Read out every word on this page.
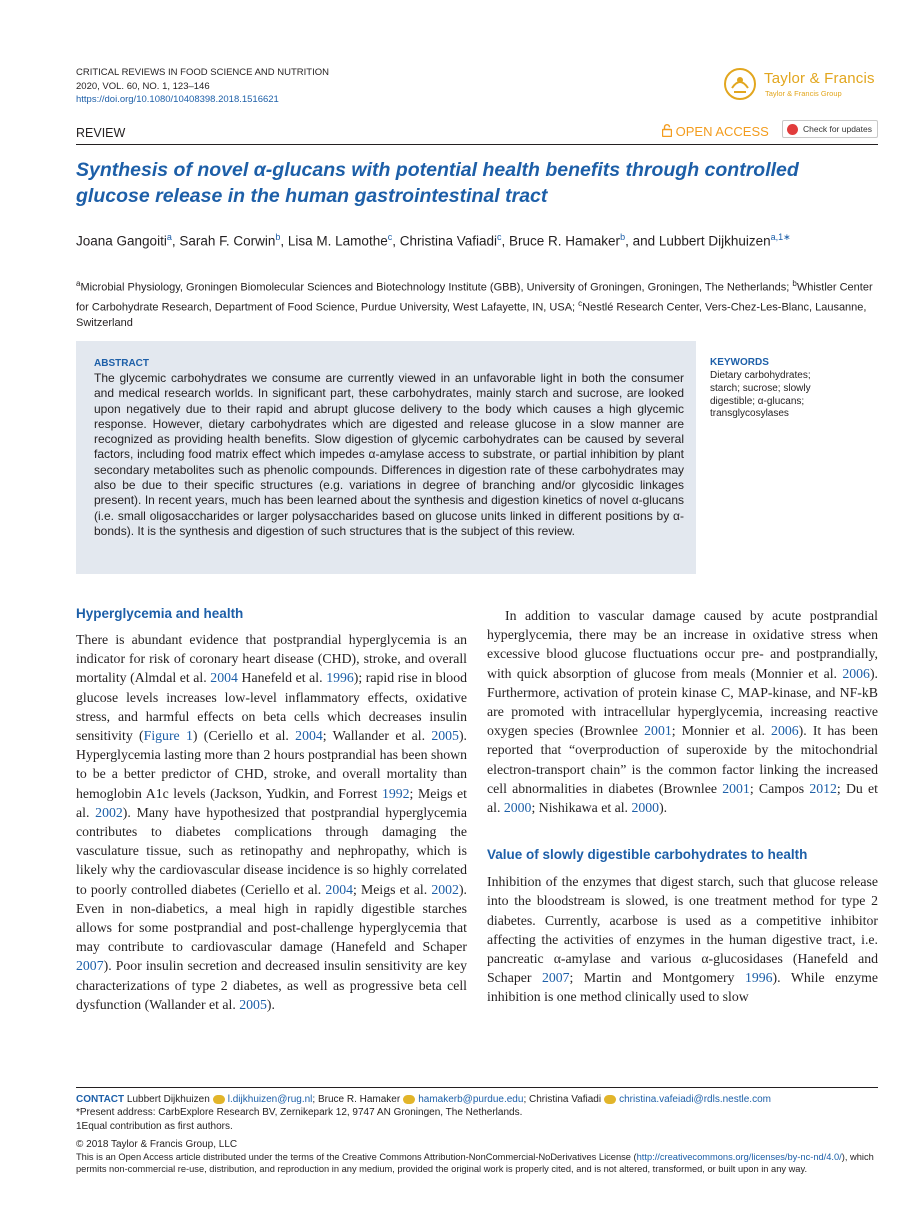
CRITICAL REVIEWS IN FOOD SCIENCE AND NUTRITION
2020, VOL. 60, NO. 1, 123–146
https://doi.org/10.1080/10408398.2018.1516621
Taylor & Francis
Taylor & Francis Group
REVIEW	OPEN ACCESS	Check for updates
Synthesis of novel α-glucans with potential health benefits through controlled glucose release in the human gastrointestinal tract
Joana Gangoiti$^a$, Sarah F. Corwin$^b$, Lisa M. Lamothe$^c$, Christina Vafiadi$^c$, Bruce R. Hamaker$^b$, and Lubbert Dijkhuizen$^{a,1∗}$
$^a$Microbial Physiology, Groningen Biomolecular Sciences and Biotechnology Institute (GBB), University of Groningen, Groningen, The Netherlands; $^b$Whistler Center for Carbohydrate Research, Department of Food Science, Purdue University, West Lafayette, IN, USA; $^c$Nestlé Research Center, Vers-Chez-Les-Blanc, Lausanne, Switzerland
ABSTRACT
The glycemic carbohydrates we consume are currently viewed in an unfavorable light in both the consumer and medical research worlds. In significant part, these carbohydrates, mainly starch and sucrose, are looked upon negatively due to their rapid and abrupt glucose delivery to the body which causes a high glycemic response. However, dietary carbohydrates which are digested and release glucose in a slow manner are recognized as providing health benefits. Slow digestion of glycemic carbohydrates can be caused by several factors, including food matrix effect which impedes α-amylase access to substrate, or partial inhibition by plant secondary metabolites such as phenolic compounds. Differences in digestion rate of these carbohydrates may also be due to their specific structures (e.g. variations in degree of branching and/or glycosidic linkages present). In recent years, much has been learned about the synthesis and digestion kinetics of novel α-glucans (i.e. small oligosaccharides or larger polysaccharides based on glucose units linked in different positions by α-bonds). It is the synthesis and digestion of such structures that is the subject of this review.
KEYWORDS
Dietary carbohydrates; starch; sucrose; slowly digestible; α-glucans; transglycosylases
Hyperglycemia and health

There is abundant evidence that postprandial hyperglycemia is an indicator for risk of coronary heart disease (CHD), stroke, and overall mortality (Almdal et al. 2004 Hanefeld et al. 1996); rapid rise in blood glucose levels increases low-level inflammatory effects, oxidative stress, and harmful effects on beta cells which decreases insulin sensitivity (Figure 1) (Ceriello et al. 2004; Wallander et al. 2005). Hyperglycemia lasting more than 2 hours postprandial has been shown to be a better predictor of CHD, stroke, and overall mortality than hemoglobin A1c levels (Jackson, Yudkin, and Forrest 1992; Meigs et al. 2002). Many have hypothesized that postprandial hyperglycemia contributes to diabetes complications through damaging the vasculature tissue, such as retinopathy and nephropathy, which is likely why the cardiovascular disease incidence is so highly correlated to poorly controlled diabetes (Ceriello et al. 2004; Meigs et al. 2002). Even in non-diabetics, a meal high in rapidly digestible starches allows for some postprandial and post-challenge hyperglycemia that may contribute to cardiovascular damage (Hanefeld and Schaper 2007). Poor insulin secretion and decreased insulin sensitivity are key characterizations of type 2 diabetes, as well as progressive beta cell dysfunction (Wallander et al. 2005).

In addition to vascular damage caused by acute postprandial hyperglycemia, there may be an increase in oxidative stress when excessive blood glucose fluctuations occur pre- and postprandially, with quick absorption of glucose from meals (Monnier et al. 2006). Furthermore, activation of protein kinase C, MAP-kinase, and NF-kB are promoted with intracellular hyperglycemia, increasing reactive oxygen species (Brownlee 2001; Monnier et al. 2006). It has been reported that “overproduction of superoxide by the mitochondrial electron-transport chain” is the common factor linking the increased cell abnormalities in diabetes (Brownlee 2001; Campos 2012; Du et al. 2000; Nishikawa et al. 2000).

Value of slowly digestible carbohydrates to health

Inhibition of the enzymes that digest starch, such that glucose release into the bloodstream is slowed, is one treatment method for type 2 diabetes. Currently, acarbose is used as a competitive inhibitor affecting the activities of enzymes in the human digestive tract, i.e. pancreatic α-amylase and various α-glucosidases (Hanefeld and Schaper 2007; Martin and Montgomery 1996). While enzyme inhibition is one method clinically used to slow

CONTACT Lubbert Dijkhuizen l.dijkhuizen@rug.nl; Bruce R. Hamaker hamakerb@purdue.edu; Christina Vafiadi christina.vafeiadi@rdls.nestle.com
*Present address: CarbExplore Research BV, Zernikepark 12, 9747 AN Groningen, The Netherlands.
1Equal contribution as first authors.
© 2018 Taylor & Francis Group, LLC
This is an Open Access article distributed under the terms of the Creative Commons Attribution-NonCommercial-NoDerivatives License (http://creativecommons.org/licenses/by-nc-nd/4.0/), which permits non-commercial re-use, distribution, and reproduction in any medium, provided the original work is properly cited, and is not altered, transformed, or built upon in any way.
